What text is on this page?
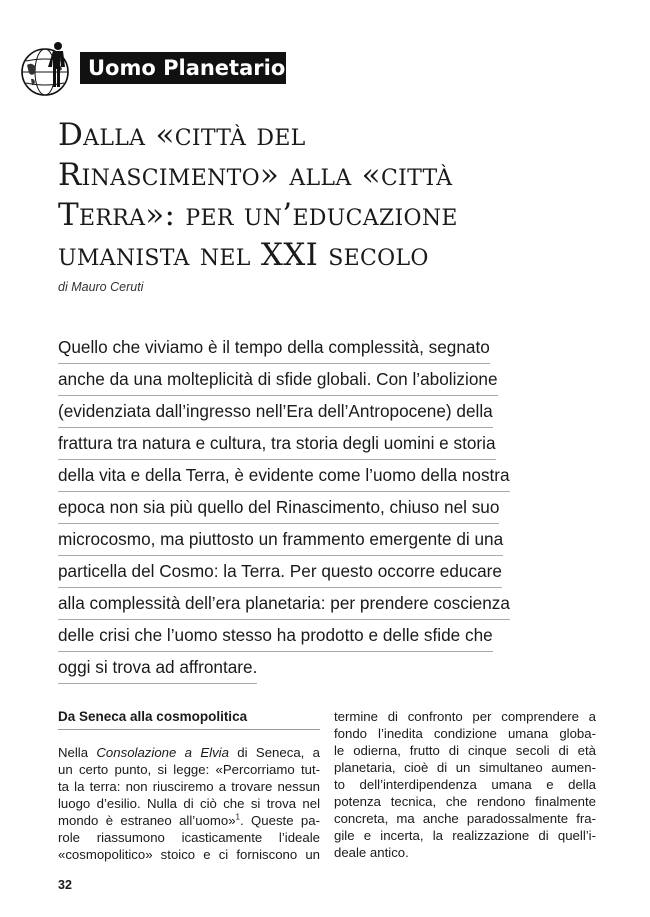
Uomo Planetario
Dalla «città del
Rinascimento» alla «città
Terra»: per un’educazione
umanista nel XXI secolo
di Mauro Ceruti
Quello che viviamo è il tempo della complessità, segnato
anche da una molteplicità di sfide globali. Con l’abolizione
(evidenziata dall’ingresso nell’Era dell’Antropocene) della
frattura tra natura e cultura, tra storia degli uomini e storia
della vita e della Terra, è evidente come l’uomo della nostra
epoca non sia più quello del Rinascimento, chiuso nel suo
microcosmo, ma piuttosto un frammento emergente di una
particella del Cosmo: la Terra. Per questo occorre educare
alla complessità dell’era planetaria: per prendere coscienza
delle crisi che l’uomo stesso ha prodotto e delle sfide che
oggi si trova ad affrontare.
Da Seneca alla cosmopolitica
Nella Consolazione a Elvia di Seneca, a
un certo punto, si legge: «Percorriamo tut-
ta la terra: non riusciremo a trovare nessun
luogo d’esilio. Nulla di ciò che si trova nel
mondo è estraneo all’uomo»$^1$. Queste pa-
role riassumono icasticamente l’ideale
«cosmopolitico» stoico e ci forniscono un
termine di confronto per comprendere a
fondo l’inedita condizione umana globa-
le odierna, frutto di cinque secoli di età
planetaria, cioè di un simultaneo aumen-
to dell’interdipendenza umana e della
potenza tecnica, che rendono finalmente
concreta, ma anche paradossalmente fra-
gile e incerta, la realizzazione di quell’i-
deale antico.
32
